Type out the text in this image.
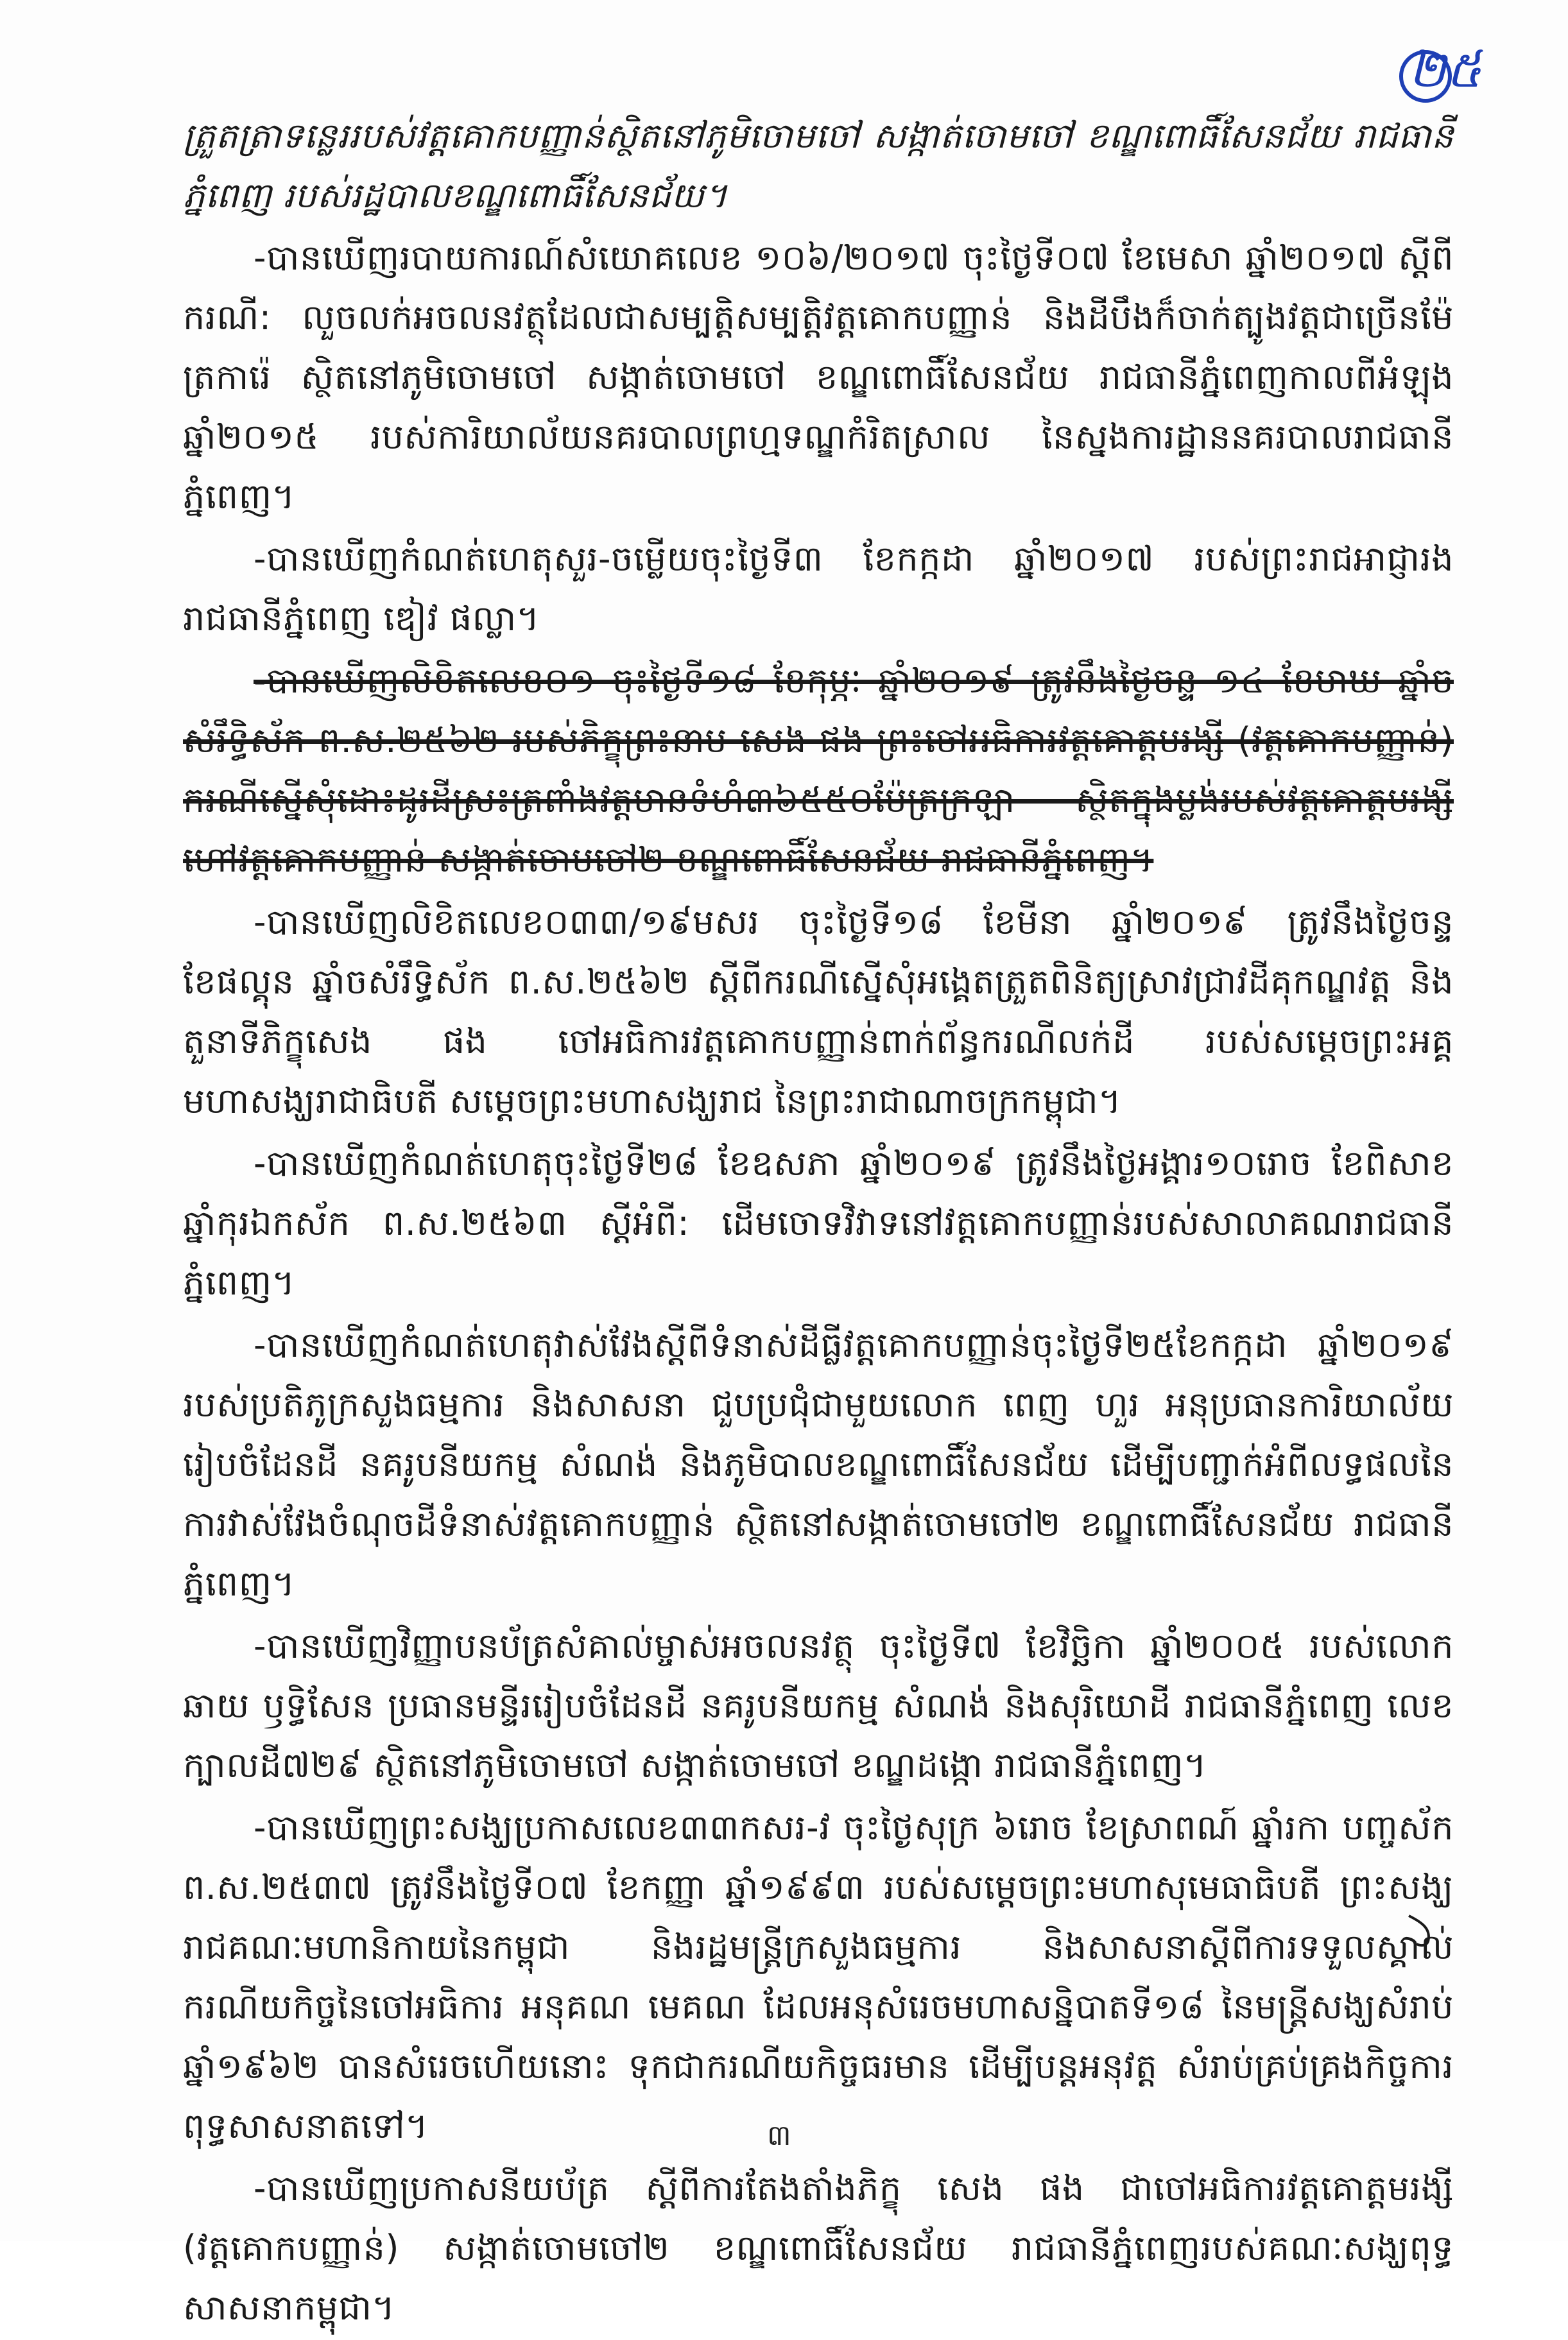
២៥

ត្រួតត្រាទន្លេររបស់វត្តគោកបញ្ញាន់ស្ថិតនៅភូមិចោមចៅ សង្កាត់ចោមចៅ ខណ្ឌពោធិ៍សែនជ័យ រាជធានីភ្នំពេញ របស់រដ្ឋបាលខណ្ឌពោធិ៍សែនជ័យ។

-បានឃើញរបាយការណ៍សំយោគលេខ ១០៦/២០១៧ ចុះថ្ងៃទី០៧ ខែមេសា ឆ្នាំ២០១៧ ស្តីពីករណី: លួចលក់អចលនវត្ថុដែលជាសម្បត្តិសម្បត្តិវត្តគោកបញ្ញាន់ និងដីបឹងក៏ចាក់ត្បូងវត្តជាច្រើនម៉ែត្រការ៉េ ស្ថិតនៅភូមិចោមចៅ សង្កាត់ចោមចៅ ខណ្ឌពោធិ៍សែនជ័យ រាជធានីភ្នំពេញកាលពីអំឡុងឆ្នាំ២០១៥ របស់ការិយាល័យនគរបាលព្រហ្មទណ្ឌកំរិតស្រាល នៃស្នងការដ្ឋាននគរបាលរាជធានីភ្នំពេញ។

-បានឃើញកំណត់ហេតុសួរ-ចម្លើយចុះថ្ងៃទី៣ ខែកក្កដា ឆ្នាំ២០១៧ របស់ព្រះរាជអាជ្ញារងរាជធានីភ្នំពេញ ឌៀវ ផល្លា។

-បានឃើញលិខិតលេខ០១ ចុះថ្ងៃទី១៨ ខែកុម្ភៈ ឆ្នាំ២០១៩ ត្រូវនឹងថ្ងៃចន្ទ ១៤ ខែមាឃ ឆ្នាំចសំរឹទ្ធិស័ក ព.ស.២៥៦២ របស់ភិក្ខុព្រះនាម សេង ផង ព្រះចៅអធិការវត្តគោត្តមរង្សី (វត្តគោកបញ្ញាន់) ករណីស្នើសុំដោះដូរដីស្រះត្រពាំងវត្តមានទំហំ៣៦៥៥០ម៉ែត្រក្រឡា ស្ថិតក្នុងប្លង់របស់វត្តគោត្តមរង្សី ហៅវត្តគោកបញ្ញាន់ សង្កាត់ចោមចៅ២ ខណ្ឌពោធិ៍សែនជ័យ រាជធានីភ្នំពេញ។

-បានឃើញលិខិតលេខ០៣៣/១៩មសរ ចុះថ្ងៃទី១៨ ខែមីនា ឆ្នាំ២០១៩ ត្រូវនឹងថ្ងៃចន្ទ ខែផល្គុន ឆ្នាំចសំរឹទ្ធិស័ក ព.ស.២៥៦២ ស្តីពីករណីស្នើសុំអង្គេតត្រួតពិនិត្យស្រាវជ្រាវដីគុកណ្ឌវត្ត និងតួនាទីភិក្ខុសេង ផង ចៅអធិការវត្តគោកបញ្ញាន់ពាក់ព័ន្ធករណីលក់ដី របស់សម្តេចព្រះអគ្គមហាសង្ឃរាជាធិបតី សម្តេចព្រះមហាសង្ឃរាជ នៃព្រះរាជាណាចក្រកម្ពុជា។

-បានឃើញកំណត់ហេតុចុះថ្ងៃទី២៨ ខែឧសភា ឆ្នាំ២០១៩ ត្រូវនឹងថ្ងៃអង្គារ១០រោច ខែពិសាខ ឆ្នាំកុរឯកស័ក ព.ស.២៥៦៣ ស្តីអំពី: ដើមចោទវិវាទនៅវត្តគោកបញ្ញាន់របស់សាលាគណរាជធានីភ្នំពេញ។

-បានឃើញកំណត់ហេតុវាស់វែងស្តីពីទំនាស់ដីធ្លីវត្តគោកបញ្ញាន់ចុះថ្ងៃទី២៥ខែកក្កដា ឆ្នាំ២០១៩ របស់ប្រតិភូក្រសួងធម្មការ និងសាសនា ជួបប្រជុំជាមួយលោក ពេញ ហួរ អនុប្រធានការិយាល័យរៀបចំដែនដី នគរូបនីយកម្ម សំណង់ និងភូមិបាលខណ្ឌពោធិ៍សែនជ័យ ដើម្បីបញ្ជាក់អំពីលទ្ធផលនៃការវាស់វែងចំណុចដីទំនាស់វត្តគោកបញ្ញាន់ ស្ថិតនៅសង្កាត់ចោមចៅ២ ខណ្ឌពោធិ៍សែនជ័យ រាជធានីភ្នំពេញ។

-បានឃើញវិញ្ញាបនប័ត្រសំគាល់ម្ចាស់អចលនវត្ថុ ចុះថ្ងៃទី៧ ខែវិច្ឆិកា ឆ្នាំ២០០៥ របស់លោក ឆាយ ឫទ្ធិសែន ប្រធានមន្ទីររៀបចំដែនដី នគរូបនីយកម្ម សំណង់ និងសុរិយោដី រាជធានីភ្នំពេញ លេខក្បាលដី៧២៩ ស្ថិតនៅភូមិចោមចៅ សង្កាត់ចោមចៅ ខណ្ឌដង្កោ រាជធានីភ្នំពេញ។

-បានឃើញព្រះសង្ឃប្រកាសលេខ៣៣កសរ-វ ចុះថ្ងៃសុក្រ ៦រោច ខែស្រាពណ៍ ឆ្នាំរកា បញ្ចស័ក ព.ស.២៥៣៧ ត្រូវនឹងថ្ងៃទី០៧ ខែកញ្ញា ឆ្នាំ១៩៩៣ របស់សម្តេចព្រះមហាសុមេធាធិបតី ព្រះសង្ឃរាជគណៈមហានិកាយនៃកម្ពុជា និងរដ្ឋមន្ត្រីក្រសួងធម្មការ និងសាសនាស្តីពីការទទួលស្គាល់ករណីយកិច្ចនៃចៅអធិការ អនុគណ មេគណ ដែលអនុសំរេចមហាសន្និបាតទី១៨ នៃមន្ត្រីសង្ឃសំរាប់ឆ្នាំ១៩៦២ បានសំរេចហើយនោះ ទុកជាករណីយកិច្ចធរមាន ដើម្បីបន្តអនុវត្ត សំរាប់គ្រប់គ្រងកិច្ចការពុទ្ធសាសនាតទៅ។

-បានឃើញប្រកាសនីយប័ត្រ ស្តីពីការតែងតាំងភិក្ខុ សេង ផង ជាចៅអធិការវត្តគោត្តមរង្សី (វត្តគោកបញ្ញាន់) សង្កាត់ចោមចៅ២ ខណ្ឌពោធិ៍សែនជ័យ រាជធានីភ្នំពេញរបស់គណៈសង្ឃពុទ្ធសាសនាកម្ពុជា។

៣
